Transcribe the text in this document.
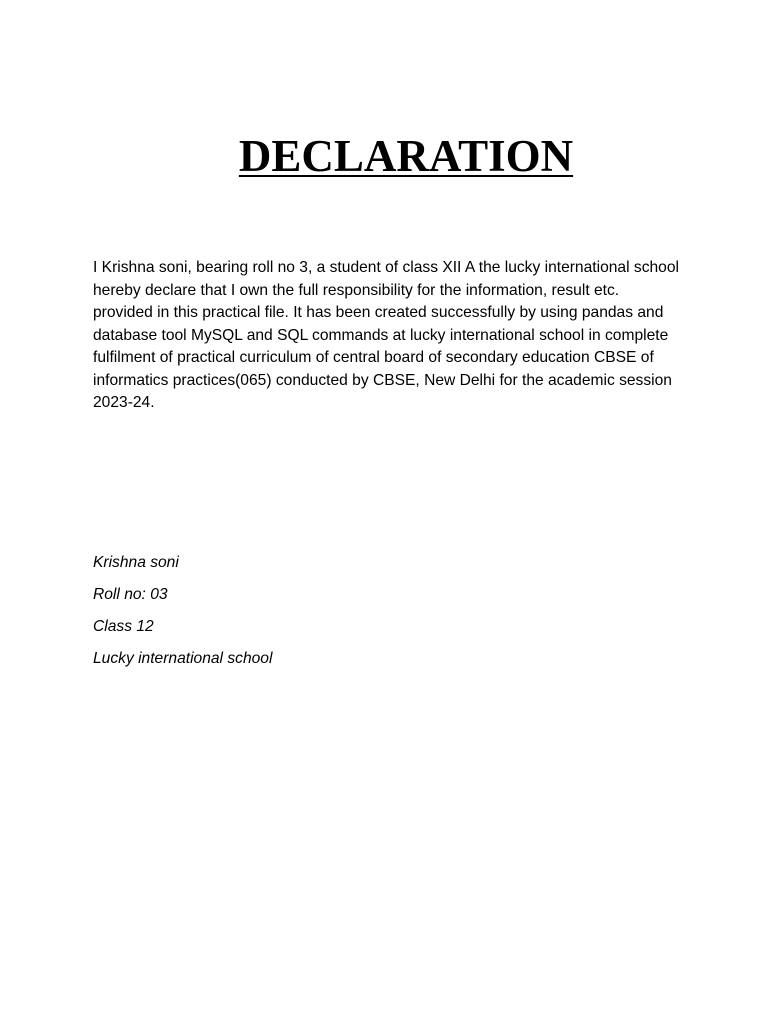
DECLARATION

I Krishna soni, bearing roll no 3, a student of class XII A the lucky international school hereby declare that I own the full responsibility for the information, result etc. provided in this practical file. It has been created successfully by using pandas and database tool MySQL and SQL commands at lucky international school in complete fulfilment of practical curriculum of central board of secondary education CBSE of informatics practices(065) conducted by CBSE, New Delhi for the academic session 2023-24.

Krishna soni
Roll no: 03
Class 12
Lucky international school
